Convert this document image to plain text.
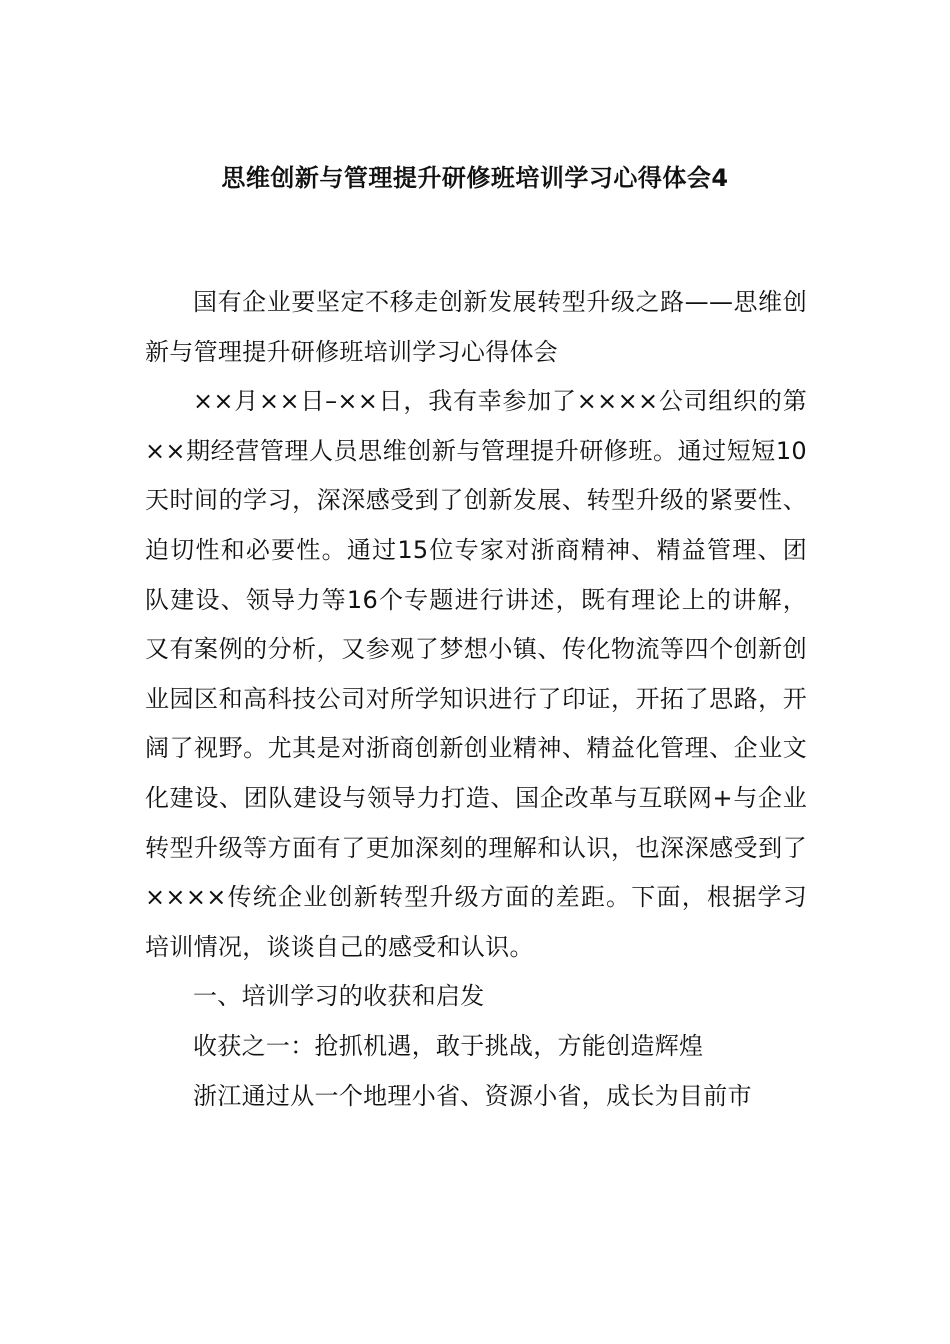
思维创新与管理提升研修班培训学习心得体会4

国有企业要坚定不移走创新发展转型升级之路——思维创新与管理提升研修班培训学习心得体会

××月××日–××日，我有幸参加了××××公司组织的第××期经营管理人员思维创新与管理提升研修班。通过短短10天时间的学习，深深感受到了创新发展、转型升级的紧要性、迫切性和必要性。通过15位专家对浙商精神、精益管理、团队建设、领导力等16个专题进行讲述，既有理论上的讲解，又有案例的分析，又参观了梦想小镇、传化物流等四个创新创业园区和高科技公司对所学知识进行了印证，开拓了思路，开阔了视野。尤其是对浙商创新创业精神、精益化管理、企业文化建设、团队建设与领导力打造、国企改革与互联网+与企业转型升级等方面有了更加深刻的理解和认识，也深深感受到了××××传统企业创新转型升级方面的差距。下面，根据学习培训情况，谈谈自己的感受和认识。

一、培训学习的收获和启发

收获之一：抢抓机遇，敢于挑战，方能创造辉煌

浙江通过从一个地理小省、资源小省，成长为目前市
